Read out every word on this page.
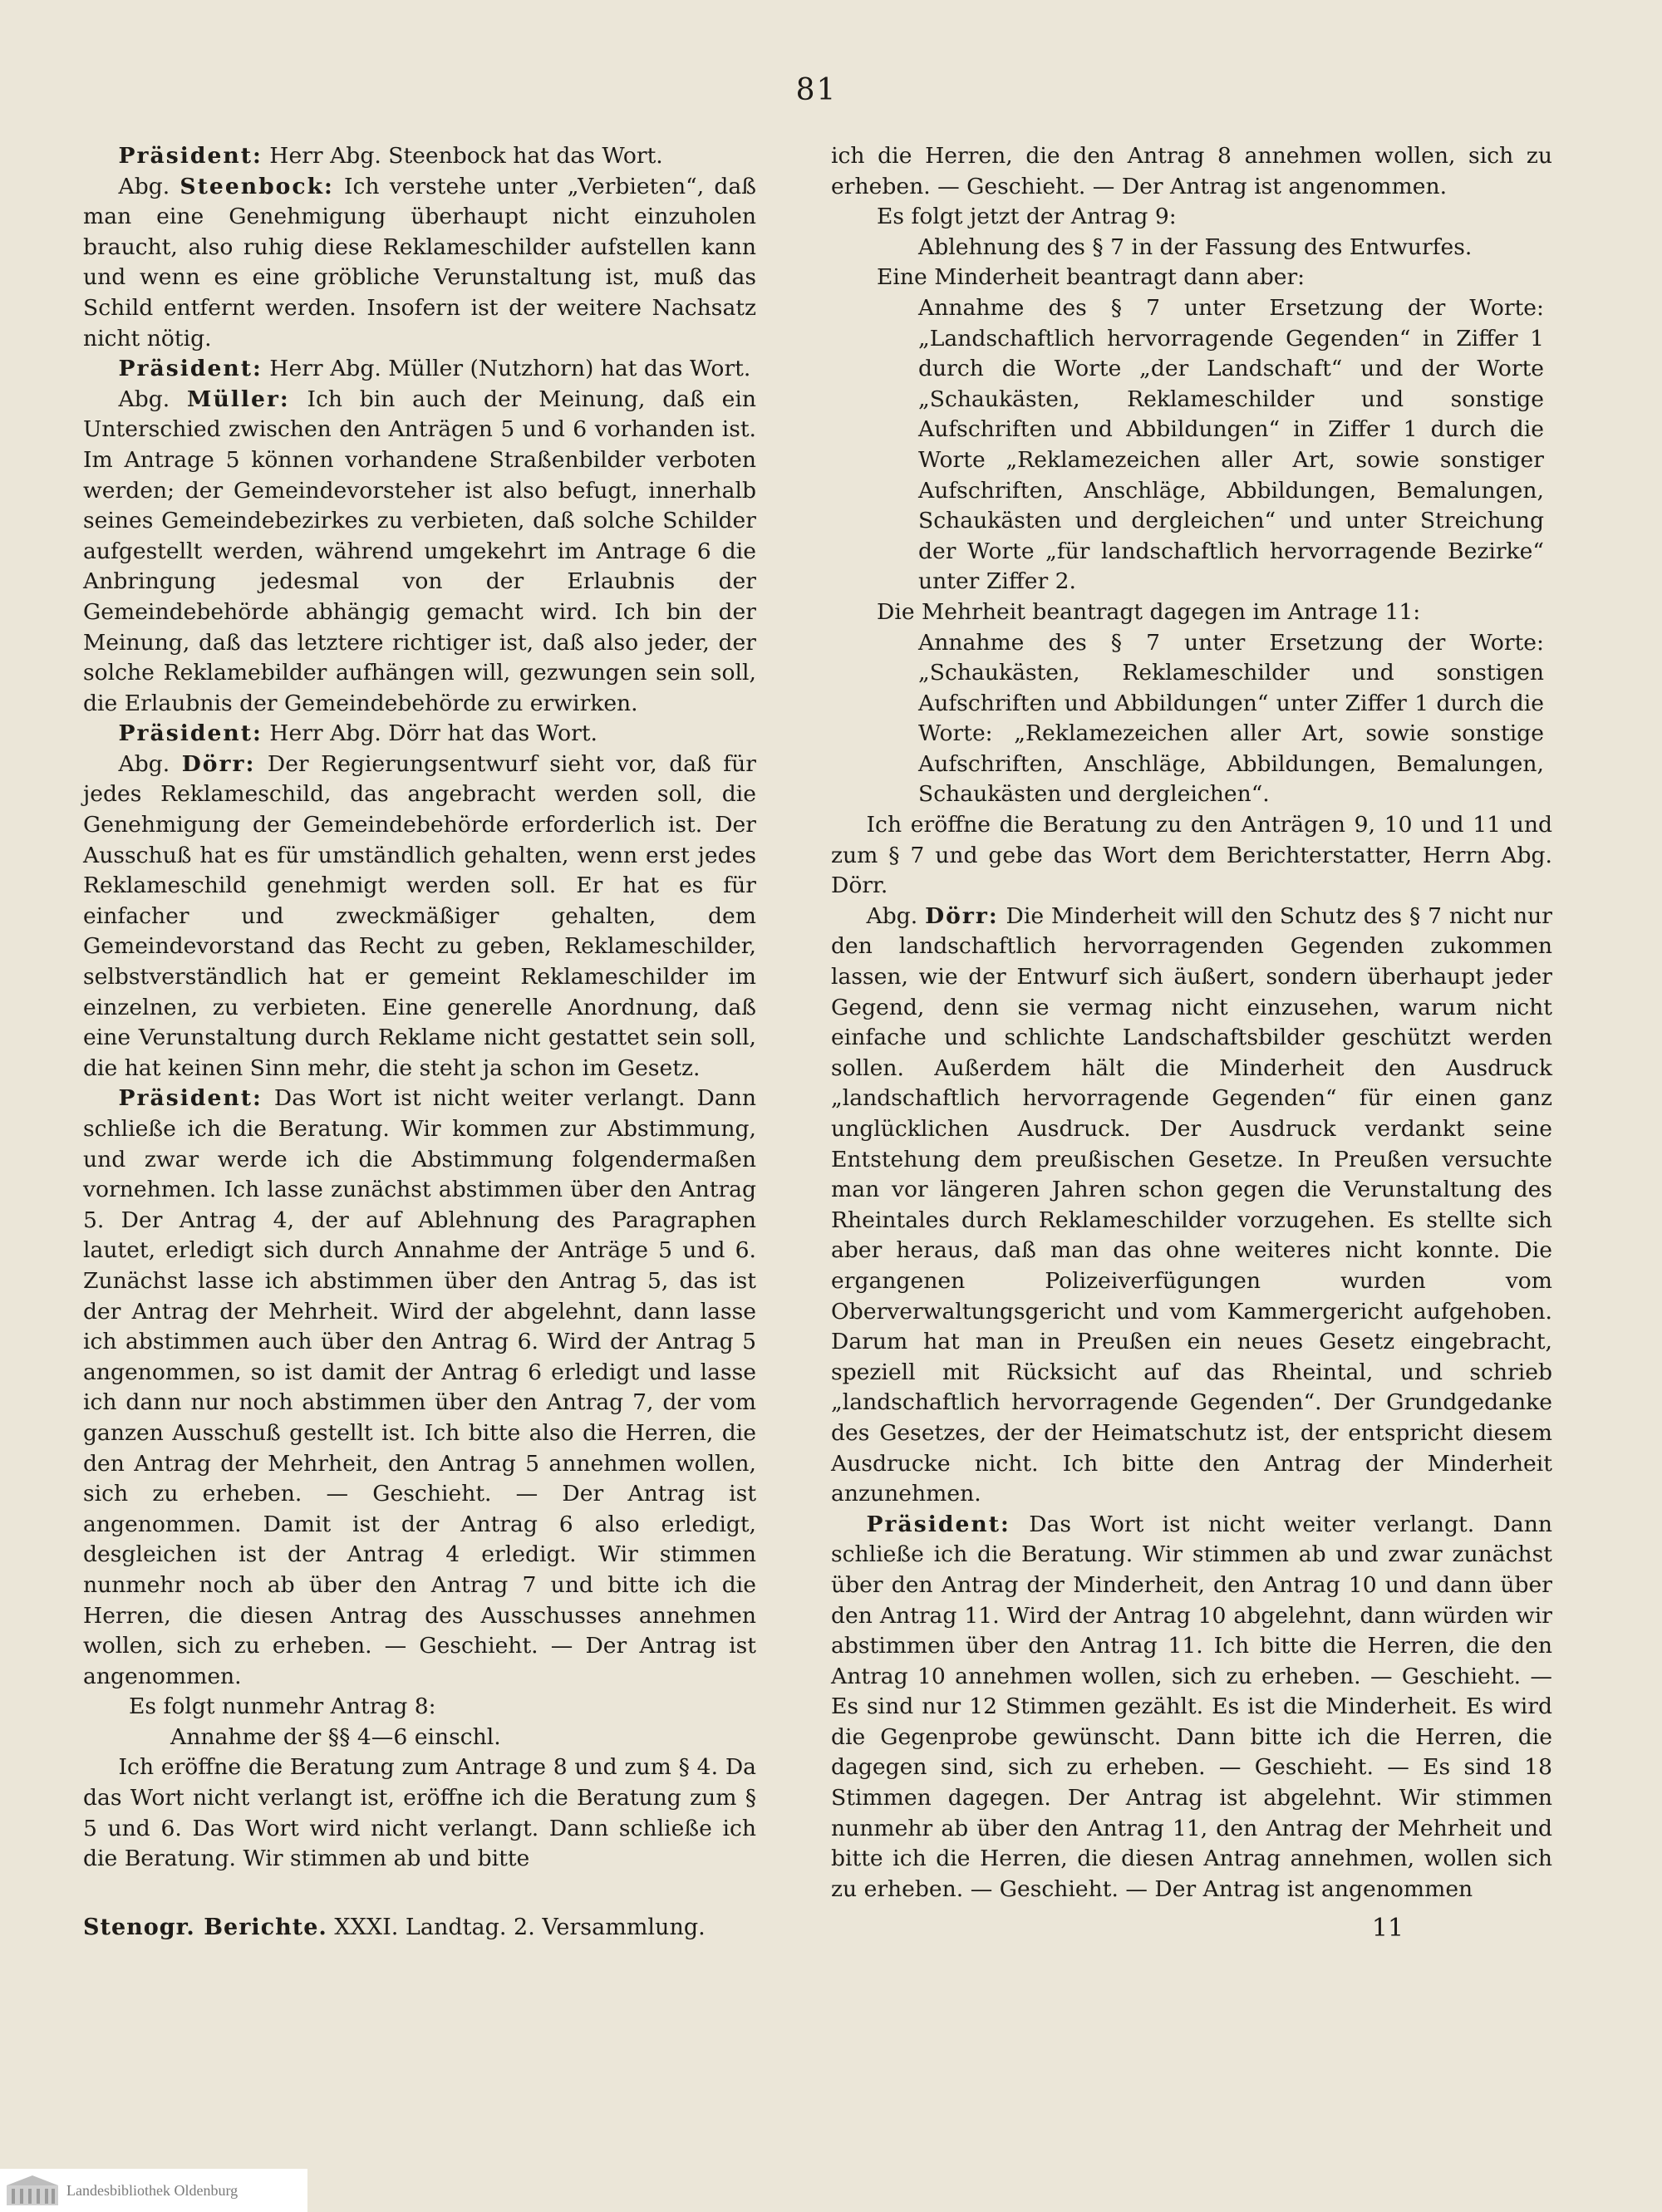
81

Präsident: Herr Abg. Steenbock hat das Wort.

Abg. Steenbock: Ich verstehe unter „Verbieten“, daß man eine Genehmigung überhaupt nicht einzuholen braucht, also ruhig diese Reklameschilder aufstellen kann und wenn es eine gröbliche Verunstaltung ist, muß das Schild entfernt werden. Insofern ist der weitere Nachsatz nicht nötig.

Präsident: Herr Abg. Müller (Nutzhorn) hat das Wort.

Abg. Müller: Ich bin auch der Meinung, daß ein Unterschied zwischen den Anträgen 5 und 6 vorhanden ist. Im Antrage 5 können vorhandene Straßenbilder verboten werden; der Gemeindevorsteher ist also befugt, innerhalb seines Gemeindebezirkes zu verbieten, daß solche Schilder aufgestellt werden, während umgekehrt im Antrage 6 die Anbringung jedesmal von der Erlaubnis der Gemeindebehörde abhängig gemacht wird. Ich bin der Meinung, daß das letztere richtiger ist, daß also jeder, der solche Reklamebilder aufhängen will, gezwungen sein soll, die Erlaubnis der Gemeindebehörde zu erwirken.

Präsident: Herr Abg. Dörr hat das Wort.

Abg. Dörr: Der Regierungsentwurf sieht vor, daß für jedes Reklameschild, das angebracht werden soll, die Genehmigung der Gemeindebehörde erforderlich ist. Der Ausschuß hat es für umständlich gehalten, wenn erst jedes Reklameschild genehmigt werden soll. Er hat es für einfacher und zweckmäßiger gehalten, dem Gemeindevorstand das Recht zu geben, Reklameschilder, selbstverständlich hat er gemeint Reklameschilder im einzelnen, zu verbieten. Eine generelle Anordnung, daß eine Verunstaltung durch Reklame nicht gestattet sein soll, die hat keinen Sinn mehr, die steht ja schon im Gesetz.

Präsident: Das Wort ist nicht weiter verlangt. Dann schließe ich die Beratung. Wir kommen zur Abstimmung, und zwar werde ich die Abstimmung folgendermaßen vornehmen. Ich lasse zunächst abstimmen über den Antrag 5. Der Antrag 4, der auf Ablehnung des Paragraphen lautet, erledigt sich durch Annahme der Anträge 5 und 6. Zunächst lasse ich abstimmen über den Antrag 5, das ist der Antrag der Mehrheit. Wird der abgelehnt, dann lasse ich abstimmen auch über den Antrag 6. Wird der Antrag 5 angenommen, so ist damit der Antrag 6 erledigt und lasse ich dann nur noch abstimmen über den Antrag 7, der vom ganzen Ausschuß gestellt ist. Ich bitte also die Herren, die den Antrag der Mehrheit, den Antrag 5 annehmen wollen, sich zu erheben. — Geschieht. — Der Antrag ist angenommen. Damit ist der Antrag 6 also erledigt, desgleichen ist der Antrag 4 erledigt. Wir stimmen nunmehr noch ab über den Antrag 7 und bitte ich die Herren, die diesen Antrag des Ausschusses annehmen wollen, sich zu erheben. — Geschieht. — Der Antrag ist angenommen.

Es folgt nunmehr Antrag 8:

Annahme der §§ 4—6 einschl.

Ich eröffne die Beratung zum Antrage 8 und zum § 4. Da das Wort nicht verlangt ist, eröffne ich die Beratung zum § 5 und 6. Das Wort wird nicht verlangt. Dann schließe ich die Beratung. Wir stimmen ab und bitte

ich die Herren, die den Antrag 8 annehmen wollen, sich zu erheben. — Geschieht. — Der Antrag ist angenommen.

Es folgt jetzt der Antrag 9:

Ablehnung des § 7 in der Fassung des Entwurfes.

Eine Minderheit beantragt dann aber:

Annahme des § 7 unter Ersetzung der Worte: „Landschaftlich hervorragende Gegenden“ in Ziffer 1 durch die Worte „der Landschaft“ und der Worte „Schaukästen, Reklameschilder und sonstige Aufschriften und Abbildungen“ in Ziffer 1 durch die Worte „Reklamezeichen aller Art, sowie sonstiger Aufschriften, Anschläge, Abbildungen, Bemalungen, Schaukästen und dergleichen“ und unter Streichung der Worte „für landschaftlich hervorragende Bezirke“ unter Ziffer 2.

Die Mehrheit beantragt dagegen im Antrage 11:

Annahme des § 7 unter Ersetzung der Worte: „Schaukästen, Reklameschilder und sonstigen Aufschriften und Abbildungen“ unter Ziffer 1 durch die Worte: „Reklamezeichen aller Art, sowie sonstige Aufschriften, Anschläge, Abbildungen, Bemalungen, Schaukästen und dergleichen“.

Ich eröffne die Beratung zu den Anträgen 9, 10 und 11 und zum § 7 und gebe das Wort dem Berichterstatter, Herrn Abg. Dörr.

Abg. Dörr: Die Minderheit will den Schutz des § 7 nicht nur den landschaftlich hervorragenden Gegenden zukommen lassen, wie der Entwurf sich äußert, sondern überhaupt jeder Gegend, denn sie vermag nicht einzusehen, warum nicht einfache und schlichte Landschaftsbilder geschützt werden sollen. Außerdem hält die Minderheit den Ausdruck „landschaftlich hervorragende Gegenden“ für einen ganz unglücklichen Ausdruck. Der Ausdruck verdankt seine Entstehung dem preußischen Gesetze. In Preußen versuchte man vor längeren Jahren schon gegen die Verunstaltung des Rheintales durch Reklameschilder vorzugehen. Es stellte sich aber heraus, daß man das ohne weiteres nicht konnte. Die ergangenen Polizeiverfügungen wurden vom Oberverwaltungsgericht und vom Kammergericht aufgehoben. Darum hat man in Preußen ein neues Gesetz eingebracht, speziell mit Rücksicht auf das Rheintal, und schrieb „landschaftlich hervorragende Gegenden“. Der Grundgedanke des Gesetzes, der der Heimatschutz ist, der entspricht diesem Ausdrucke nicht. Ich bitte den Antrag der Minderheit anzunehmen.

Präsident: Das Wort ist nicht weiter verlangt. Dann schließe ich die Beratung. Wir stimmen ab und zwar zunächst über den Antrag der Minderheit, den Antrag 10 und dann über den Antrag 11. Wird der Antrag 10 abgelehnt, dann würden wir abstimmen über den Antrag 11. Ich bitte die Herren, die den Antrag 10 annehmen wollen, sich zu erheben. — Geschieht. — Es sind nur 12 Stimmen gezählt. Es ist die Minderheit. Es wird die Gegenprobe gewünscht. Dann bitte ich die Herren, die dagegen sind, sich zu erheben. — Geschieht. — Es sind 18 Stimmen dagegen. Der Antrag ist abgelehnt. Wir stimmen nunmehr ab über den Antrag 11, den Antrag der Mehrheit und bitte ich die Herren, die diesen Antrag annehmen, wollen sich zu erheben. — Geschieht. — Der Antrag ist angenommen

Stenogr. Berichte. XXXI. Landtag. 2. Versammlung.	11
Landesbibliothek Oldenburg
